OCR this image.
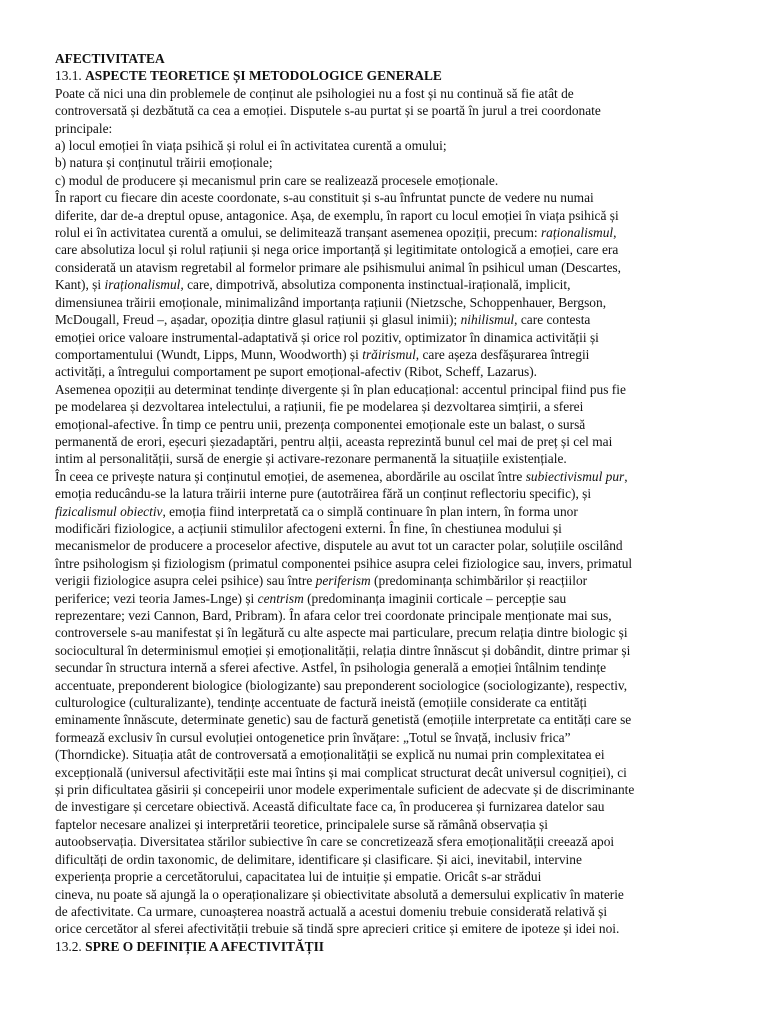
AFECTIVITATEA
13.1. ASPECTE TEORETICE ȘI METODOLOGICE GENERALE
Poate că nici una din problemele de conținut ale psihologiei nu a fost și nu continuă să fie atât de
controversată și dezbătută ca cea a emoției. Disputele s-au purtat și se poartă în jurul a trei coordonate
principale:
a) locul emoției în viața psihică și rolul ei în activitatea curentă a omului;
b) natura și conținutul trăirii emoționale;
c) modul de producere și mecanismul prin care se realizează procesele emoționale.
În raport cu fiecare din aceste coordonate, s-au constituit și s-au înfruntat puncte de vedere nu numai
diferite, dar de-a dreptul opuse, antagonice. Așa, de exemplu, în raport cu locul emoției în viața psihică și
rolul ei în activitatea curentă a omului, se delimitează tranșant asemenea opoziții, precum: raționalismul,
care absolutiza locul și rolul rațiunii și nega orice importanță și legitimitate ontologică a emoției, care era
considerată un atavism regretabil al formelor primare ale psihismului animal în psihicul uman (Descartes,
Kant), și iraționalismul, care, dimpotrivă, absolutiza componenta instinctual-irațională, implicit,
dimensiunea trăirii emoționale, minimalizând importanța rațiunii (Nietzsche, Schoppenhauer, Bergson,
McDougall, Freud –, așadar, opoziția dintre glasul rațiunii și glasul inimii); nihilismul, care contesta
emoției orice valoare instrumental-adaptativă și orice rol pozitiv, optimizator în dinamica activității și
comportamentului (Wundt, Lipps, Munn, Woodworth) și trăirismul, care așeza desfășurarea întregii
activități, a întregului comportament pe suport emoțional-afectiv (Ribot, Scheff, Lazarus).
Asemenea opoziții au determinat tendințe divergente și în plan educațional: accentul principal fiind pus fie
pe modelarea și dezvoltarea intelectului, a rațiunii, fie pe modelarea și dezvoltarea simțirii, a sferei
emoțional-afective. În timp ce pentru unii, prezența componentei emoționale este un balast, o sursă
permanentă de erori, eșecuri șiezadaptări, pentru alții, aceasta reprezintă bunul cel mai de preț și cel mai
intim al personalității, sursă de energie și activare-rezonare permanentă la situațiile existențiale.
În ceea ce privește natura și conținutul emoției, de asemenea, abordările au oscilat între subiectivismul pur,
emoția reducându-se la latura trăirii interne pure (autotrăirea fără un conținut reflectoriu specific), și
fizicalismul obiectiv, emoția fiind interpretată ca o simplă continuare în plan intern, în forma unor
modificări fiziologice, a acțiunii stimulilor afectogeni externi. În fine, în chestiunea modului și
mecanismelor de producere a proceselor afective, disputele au avut tot un caracter polar, soluțiile oscilând
între psihologism și fiziologism (primatul componentei psihice asupra celei fiziologice sau, invers, primatul
verigii fiziologice asupra celei psihice) sau între periferism (predominanța schimbărilor și reacțiilor
periferice; vezi teoria James-Lnge) și centrism (predominanța imaginii corticale – percepție sau
reprezentare; vezi Cannon, Bard, Pribram). În afara celor trei coordonate principale menționate mai sus,
controversele s-au manifestat și în legătură cu alte aspecte mai particulare, precum relația dintre biologic și
sociocultural în determinismul emoției și emoționalității, relația dintre înnăscut și dobândit, dintre primar și
secundar în structura internă a sferei afective. Astfel, în psihologia generală a emoției întâlnim tendințe
accentuate, preponderent biologice (biologizante) sau preponderent sociologice (sociologizante), respectiv,
culturologice (culturalizante), tendințe accentuate de factură ineistă (emoțiile considerate ca entități
eminamente înnăscute, determinate genetic) sau de factură genetistă (emoțiile interpretate ca entități care se
formează exclusiv în cursul evoluției ontogenetice prin învățare: „Totul se învață, inclusiv frica”
(Thorndicke). Situația atât de controversată a emoționalității se explică nu numai prin complexitatea ei
excepțională (universul afectivității este mai întins și mai complicat structurat decât universul cogniției), ci
și prin dificultatea găsirii și concepeirii unor modele experimentale suficient de adecvate și de discriminante
de investigare și cercetare obiectivă. Această dificultate face ca, în producerea și furnizarea datelor sau
faptelor necesare analizei și interpretării teoretice, principalele surse să rămână observația și
autoobservația. Diversitatea stărilor subiective în care se concretizează sfera emoționalității creează apoi
dificultăți de ordin taxonomic, de delimitare, identificare și clasificare. Și aici, inevitabil, intervine
experiența proprie a cercetătorului, capacitatea lui de intuiție și empatie. Oricât s-ar strădui
cineva, nu poate să ajungă la o operaționalizare și obiectivitate absolută a demersului explicativ în materie
de afectivitate. Ca urmare, cunoașterea noastră actuală a acestui domeniu trebuie considerată relativă și
orice cercetător al sferei afectivității trebuie să tindă spre aprecieri critice și emitere de ipoteze și idei noi.
13.2. SPRE O DEFINIȚIE A AFECTIVITĂȚII
